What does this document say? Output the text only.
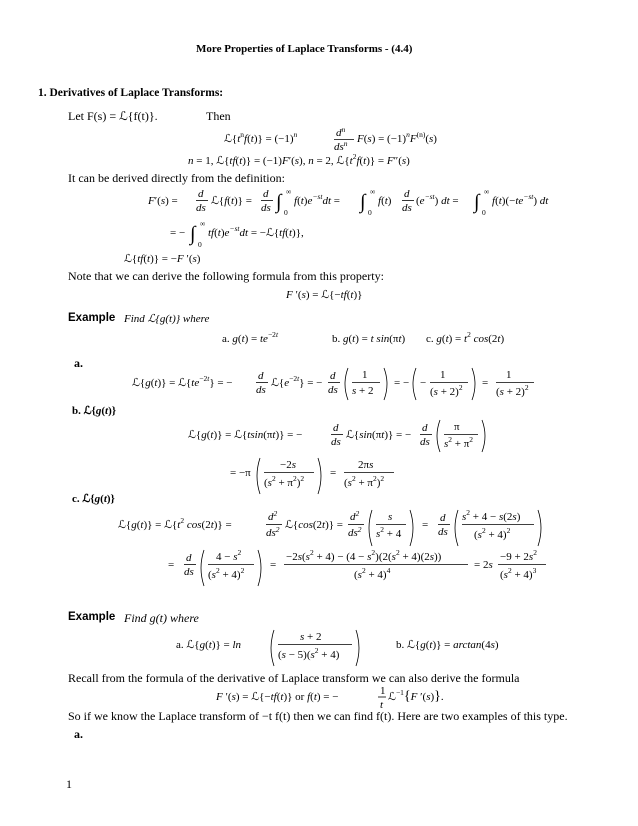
More Properties of Laplace Transforms - (4.4)
1. Derivatives of Laplace Transforms:
Let F(s) = ℒ{f(t)}.	Then
$ℒ\{t^nf(t)\} = (-1)^n$	$d^n$
$ds^n$ $F(s) = (-1)^nF^{(n)}(s)$
n = 1, ℒ{tf(t)} = (−1)F′(s), n = 2, $ℒ\{t^2f(t)\} = F''(s)$
It can be derived directly from the definition:
F′(s) =
d
ds
ℒ{f(t)} =
d
ds ∫ ∞
0
$f(t)e^{-st}dt$ = ∫ ∞
0
f(t)
d
ds
$(e^{-st})$ dt = ∫ ∞
0
$f(t)(-te^{-st})$ dt
= − ∫ ∞
0
$tf(t)e^{-st}dt$ = −ℒ{tf(t)},
ℒ{tf(t)} = −F ′(s)
Note that we can derive the following formula from this property:
F ′(s) = ℒ{−tf(t)}
Example Find ℒ{g(t)} where
a. $g(t) = te^{-2t}$	b. g(t) = t sin(πt) c. $g(t) = t^2$ cos(2t)
a.
ℒ{g(t)} = $ℒ\{te^{-2t}\}$ = −
d
ds
$ℒ\{e^{-2t}\}$ = −
d
ds
1
s + 2
= − −
1
$(s + 2)^2$ =
1
$(s + 2)^2$
b. ℒ{g(t)}
ℒ{g(t)} = ℒ{tsin(πt)} = −
d
ds
ℒ{sin(πt)} = −
d
ds
π
$s^2 + \pi^2$
= −π
−2s
$(s^2 + \pi^2)^2$ =
2πs
$(s^2 + \pi^2)^2$
c. ℒ{g(t)}
ℒ{g(t)} = $ℒ\{t^2$ cos(2t)} =
$d^2$
$ds^2$ ℒ{cos(2t)} =
$d^2$
$ds^2$
s
$s^2 + 4$
=
d
ds
$s^2 + 4 - s(2s)$
$(s^2 + 4)^2$
=
d
ds
$4 - s^2$
$(s^2 + 4)^2$ =
$-2s(s^2 + 4) - (4 - s^2)(2(s^2 + 4)(2s))$
$(s^2 + 4)^4$	= 2s
$-9 + 2s^2$
$(s^2 + 4)^3$
Example Find g(t) where
a. ℒ{g(t)} = ln
s + 2
$(s - 5)(s^2 + 4)$
b. ℒ{g(t)} = arctan(4s)
Recall from the formula of the derivative of Laplace transform we can also derive the formula
F ′(s) = ℒ{−tf(t)} or f(t) = −	1
t
ℒ$^{-1}${F ′(s)}.
So if we know the Laplace transform of −t f(t) then we can find f(t). Here are two examples of this type.
a.
1
